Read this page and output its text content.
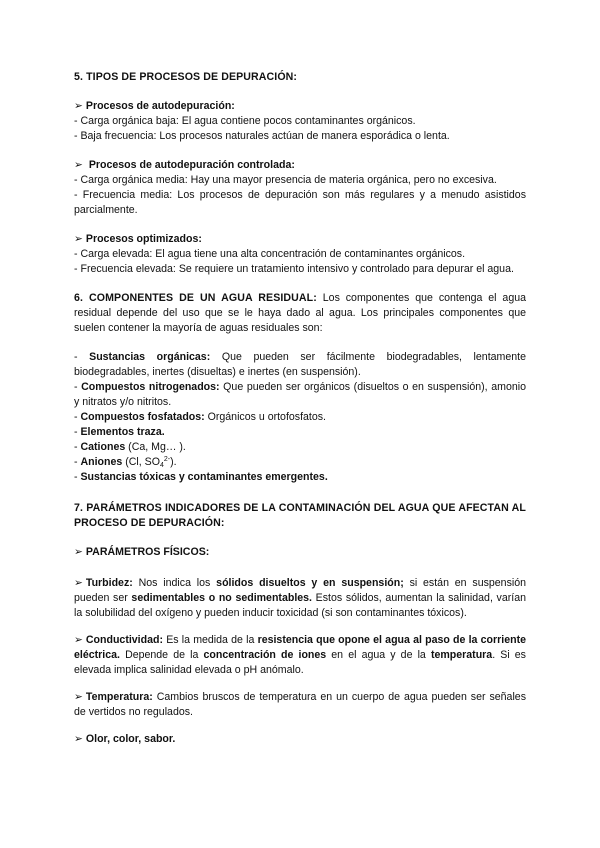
5. TIPOS DE PROCESOS DE DEPURACIÓN:

➢ Procesos de autodepuración:

- Carga orgánica baja: El agua contiene pocos contaminantes orgánicos.

- Baja frecuencia: Los procesos naturales actúan de manera esporádica o lenta.

➢ Procesos de autodepuración controlada:

- Carga orgánica media: Hay una mayor presencia de materia orgánica, pero no excesiva.

- Frecuencia media: Los procesos de depuración son más regulares y a menudo asistidos parcialmente.

➢ Procesos optimizados:

- Carga elevada: El agua tiene una alta concentración de contaminantes orgánicos.

- Frecuencia elevada: Se requiere un tratamiento intensivo y controlado para depurar el agua.

6. COMPONENTES DE UN AGUA RESIDUAL: Los componentes que contenga el agua residual depende del uso que se le haya dado al agua. Los principales componentes que suelen contener la mayoría de aguas residuales son:

- Sustancias orgánicas: Que pueden ser fácilmente biodegradables, lentamente biodegradables, inertes (disueltas) e inertes (en suspensión).

- Compuestos nitrogenados: Que pueden ser orgánicos (disueltos o en suspensión), amonio y nitratos y/o nitritos.

- Compuestos fosfatados: Orgánicos u ortofosfatos.

- Elementos traza.

- Cationes (Ca, Mg… ).

- Aniones (Cl, $SO_4^{2-}$).

- Sustancias tóxicas y contaminantes emergentes.

7. PARÁMETROS INDICADORES DE LA CONTAMINACIÓN DEL AGUA QUE AFECTAN AL PROCESO DE DEPURACIÓN:

➢ PARÁMETROS FÍSICOS:

➢ Turbidez: Nos indica los sólidos disueltos y en suspensión; si están en suspensión pueden ser sedimentables o no sedimentables. Estos sólidos, aumentan la salinidad, varían la solubilidad del oxígeno y pueden inducir toxicidad (si son contaminantes tóxicos).

➢ Conductividad: Es la medida de la resistencia que opone el agua al paso de la corriente eléctrica. Depende de la concentración de iones en el agua y de la temperatura. Si es elevada implica salinidad elevada o pH anómalo.

➢ Temperatura: Cambios bruscos de temperatura en un cuerpo de agua pueden ser señales de vertidos no regulados.

➢ Olor, color, sabor.
